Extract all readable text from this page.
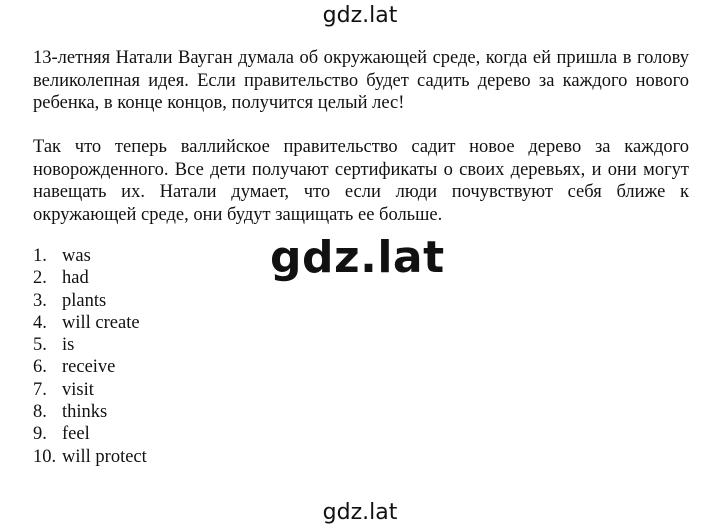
gdz.lat
13-летняя Натали Вауган думала об окружающей среде, когда ей пришла в голову великолепная идея. Если правительство будет садить дерево за каждого нового ребенка, в конце концов, получится целый лес!
Так что теперь валлийское правительство садит новое дерево за каждого новорожденного. Все дети получают сертификаты о своих деревьях, и они могут навещать их. Натали думает, что если люди почувствуют себя ближе к окружающей среде, они будут защищать ее больше.
1. was
2. had
3. plants
4. will create
5. is
6. receive
7. visit
8. thinks
9. feel
10. will protect
gdz.lat
gdz.lat
